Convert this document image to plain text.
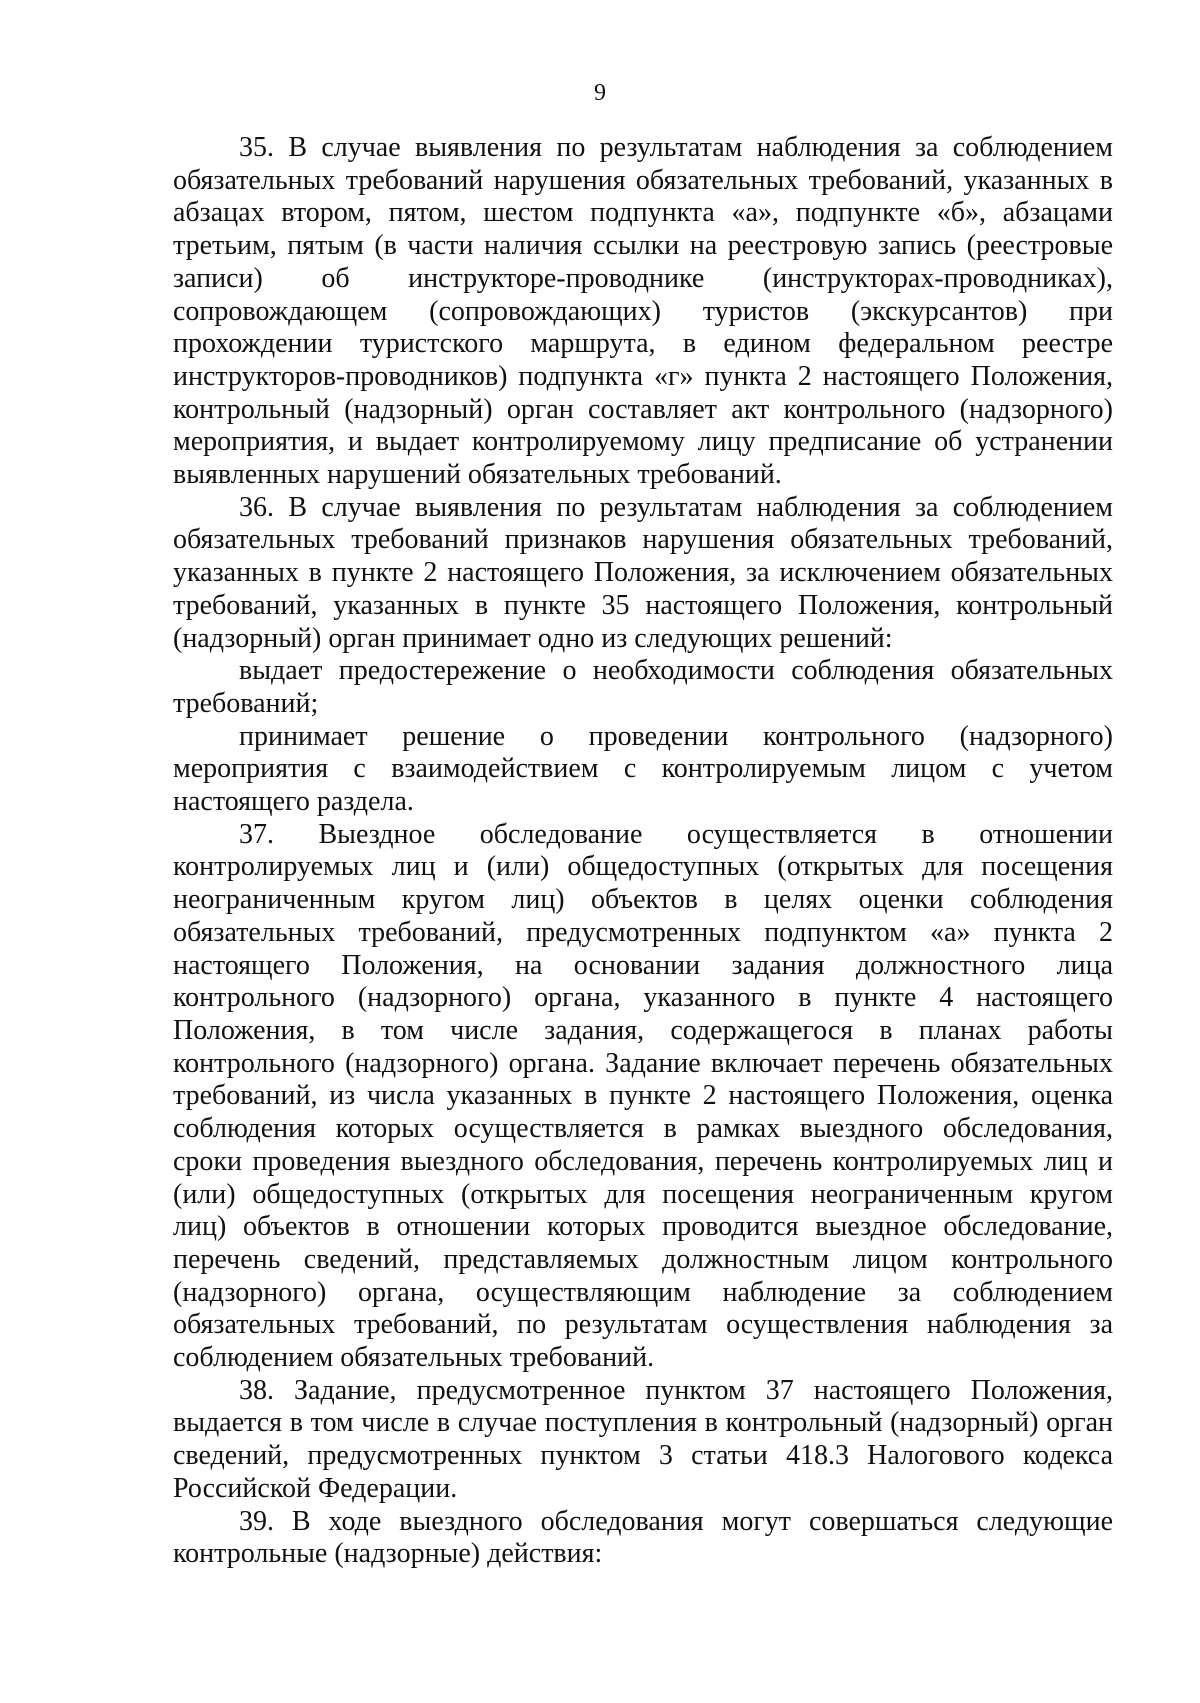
9

35. В случае выявления по результатам наблюдения за соблюдением обязательных требований нарушения обязательных требований, указанных в абзацах втором, пятом, шестом подпункта «а», подпункте «б», абзацами третьим, пятым (в части наличия ссылки на реестровую запись (реестровые записи) об инструкторе-проводнике (инструкторах-проводниках), сопровождающем (сопровождающих) туристов (экскурсантов) при прохождении туристского маршрута, в едином федеральном реестре инструкторов-проводников) подпункта «г» пункта 2 настоящего Положения, контрольный (надзорный) орган составляет акт контрольного (надзорного) мероприятия, и выдает контролируемому лицу предписание об устранении выявленных нарушений обязательных требований.

36. В случае выявления по результатам наблюдения за соблюдением обязательных требований признаков нарушения обязательных требований, указанных в пункте 2 настоящего Положения, за исключением обязательных требований, указанных в пункте 35 настоящего Положения, контрольный (надзорный) орган принимает одно из следующих решений:

выдает предостережение о необходимости соблюдения обязательных требований;

принимает решение о проведении контрольного (надзорного) мероприятия с взаимодействием с контролируемым лицом с учетом настоящего раздела.

37. Выездное обследование осуществляется в отношении контролируемых лиц и (или) общедоступных (открытых для посещения неограниченным кругом лиц) объектов в целях оценки соблюдения обязательных требований, предусмотренных подпунктом «а» пункта 2 настоящего Положения, на основании задания должностного лица контрольного (надзорного) органа, указанного в пункте 4 настоящего Положения, в том числе задания, содержащегося в планах работы контрольного (надзорного) органа. Задание включает перечень обязательных требований, из числа указанных в пункте 2 настоящего Положения, оценка соблюдения которых осуществляется в рамках выездного обследования, сроки проведения выездного обследования, перечень контролируемых лиц и (или) общедоступных (открытых для посещения неограниченным кругом лиц) объектов в отношении которых проводится выездное обследование, перечень сведений, представляемых должностным лицом контрольного (надзорного) органа, осуществляющим наблюдение за соблюдением обязательных требований, по результатам осуществления наблюдения за соблюдением обязательных требований.

38. Задание, предусмотренное пунктом 37 настоящего Положения, выдается в том числе в случае поступления в контрольный (надзорный) орган сведений, предусмотренных пунктом 3 статьи 418.3 Налогового кодекса Российской Федерации.

39. В ходе выездного обследования могут совершаться следующие контрольные (надзорные) действия:
